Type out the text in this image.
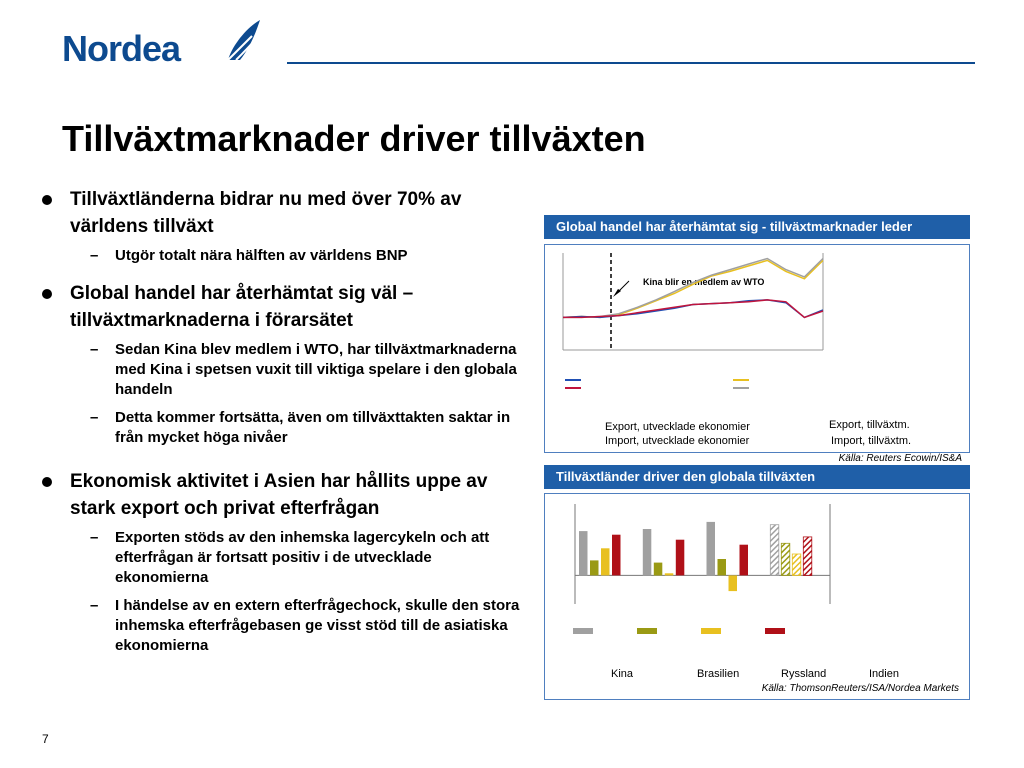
Nordea
Tillväxtmarknader driver tillväxten
Tillväxtländerna bidrar nu med över 70% av världens tillväxt
– Utgör totalt nära hälften av världens BNP
Global handel har återhämtat sig väl – tillväxtmarknaderna i förarsätet
– Sedan Kina blev medlem i WTO, har tillväxtmarknaderna med Kina i spetsen vuxit till viktiga spelare i den globala handeln
– Detta kommer fortsätta, även om tillväxttakten saktar in från mycket höga nivåer
Ekonomisk aktivitet i Asien har hållits uppe av stark export och privat efterfrågan
– Exporten stöds av den inhemska lagercykeln och att efterfrågan är fortsatt positiv i de utvecklade ekonomierna
– I händelse av en extern efterfrågechock, skulle den stora inhemska efterfrågebasen ge visst stöd till de asiatiska ekonomierna
Global handel har återhämtat sig - tillväxtmarknader leder
Kina blir en medlem av WTO
Export, utvecklade ekonomier
Import, utvecklade ekonomier
Export, tillväxtm.
Import, tillväxtm.
Källa: Reuters Ecowin/IS&A
Tillväxtländer driver den globala tillväxten
Kina	Brasilien	Ryssland	Indien
Källa: ThomsonReuters/ISA/Nordea Markets
7
